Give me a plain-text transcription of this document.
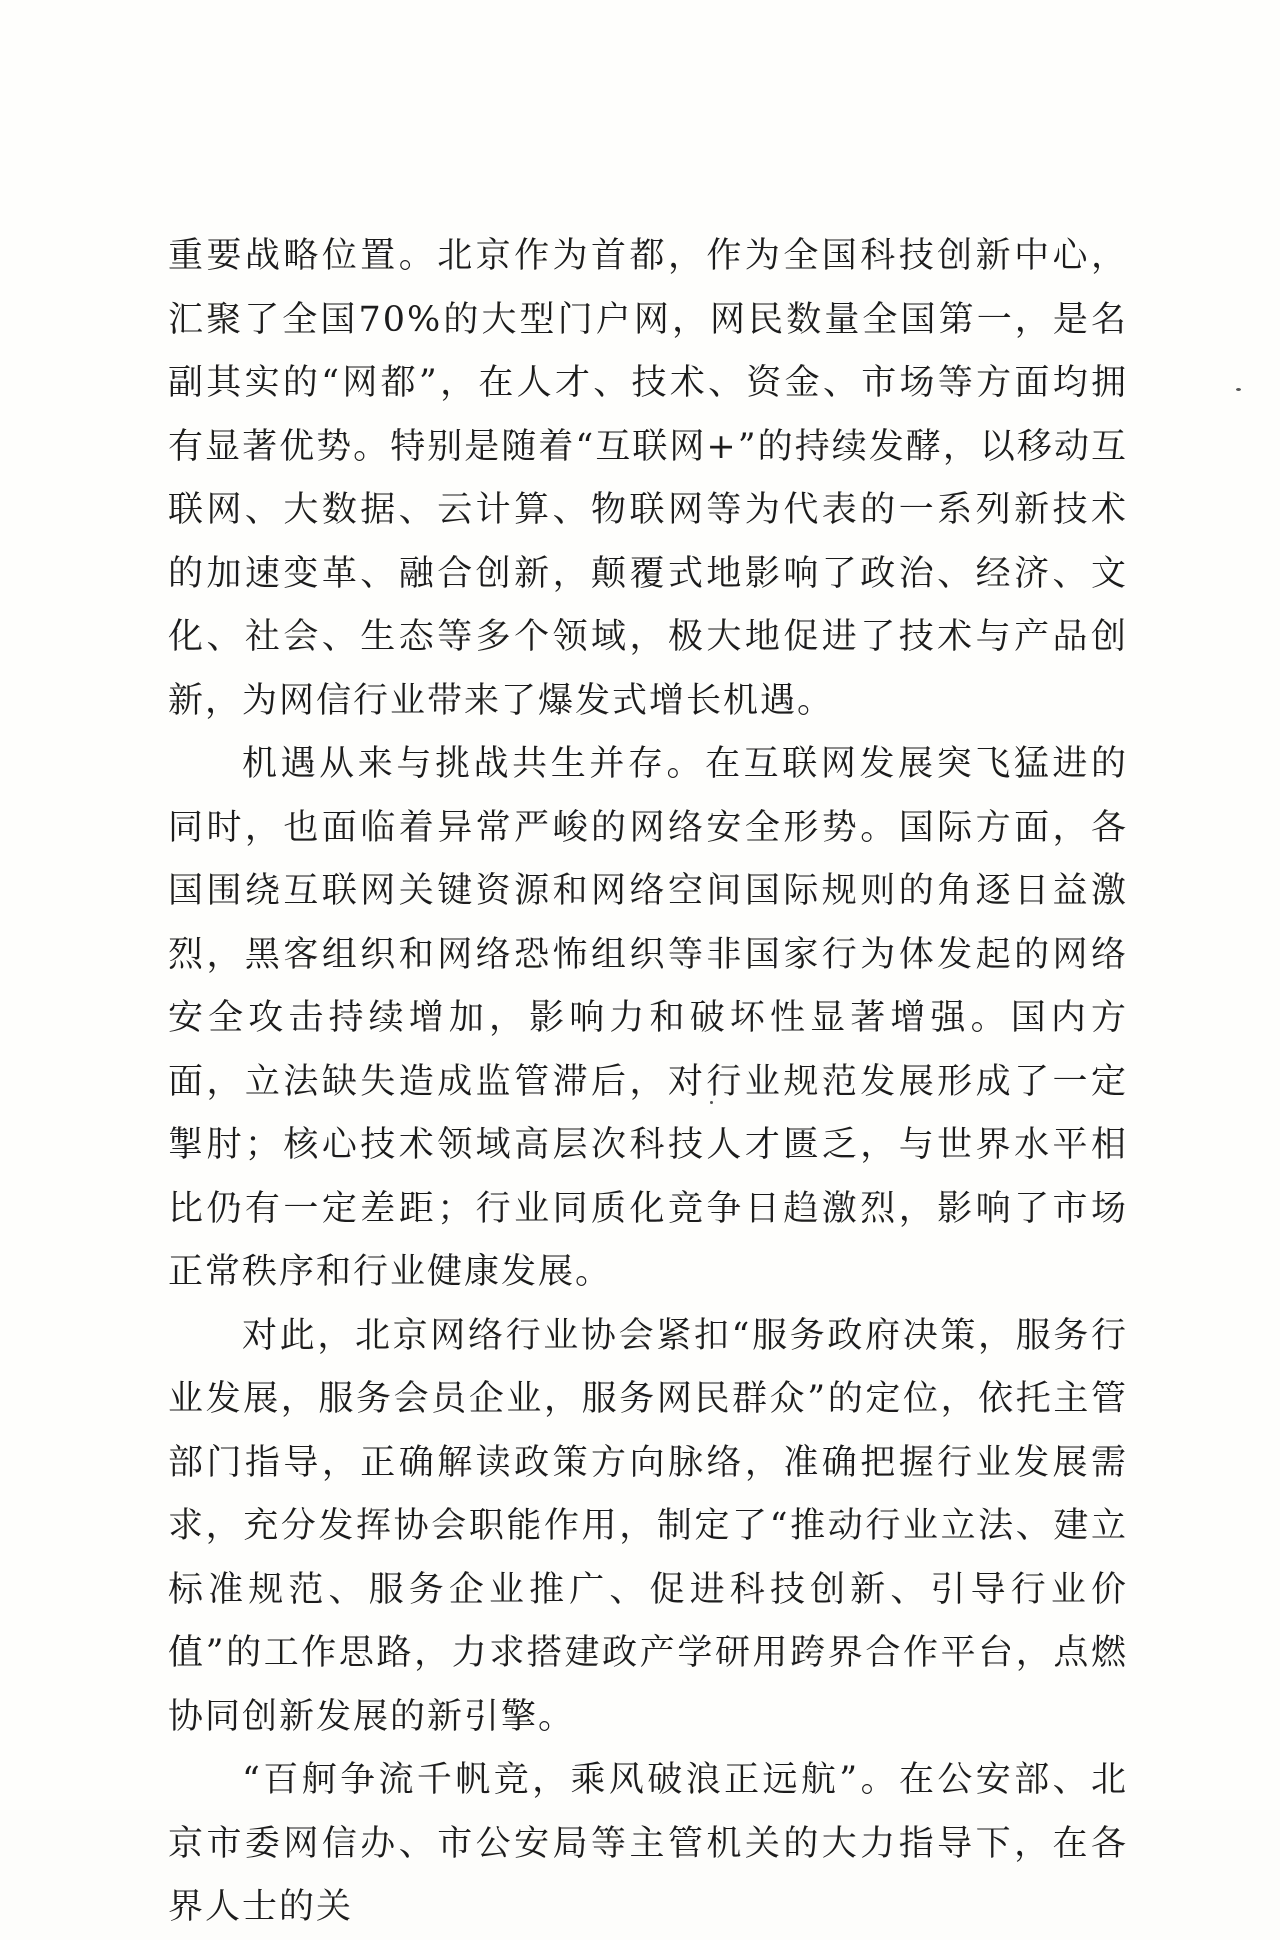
重要战略位置。北京作为首都，作为全国科技创新中心，汇聚了全国70%的大型门户网，网民数量全国第一，是名副其实的“网都”，在人才、技术、资金、市场等方面均拥有显著优势。特别是随着“互联网+”的持续发酵，以移动互联网、大数据、云计算、物联网等为代表的一系列新技术的加速变革、融合创新，颠覆式地影响了政治、经济、文化、社会、生态等多个领域，极大地促进了技术与产品创新，为网信行业带来了爆发式增长机遇。

机遇从来与挑战共生并存。在互联网发展突飞猛进的同时，也面临着异常严峻的网络安全形势。国际方面，各国围绕互联网关键资源和网络空间国际规则的角逐日益激烈，黑客组织和网络恐怖组织等非国家行为体发起的网络安全攻击持续增加，影响力和破坏性显著增强。国内方面，立法缺失造成监管滞后，对行业规范发展形成了一定掣肘；核心技术领域高层次科技人才匮乏，与世界水平相比仍有一定差距；行业同质化竞争日趋激烈，影响了市场正常秩序和行业健康发展。

对此，北京网络行业协会紧扣“服务政府决策，服务行业发展，服务会员企业，服务网民群众”的定位，依托主管部门指导，正确解读政策方向脉络，准确把握行业发展需求，充分发挥协会职能作用，制定了“推动行业立法、建立标准规范、服务企业推广、促进科技创新、引导行业价值”的工作思路，力求搭建政产学研用跨界合作平台，点燃协同创新发展的新引擎。

“百舸争流千帆竞，乘风破浪正远航”。在公安部、北京市委网信办、市公安局等主管机关的大力指导下，在各界人士的关
